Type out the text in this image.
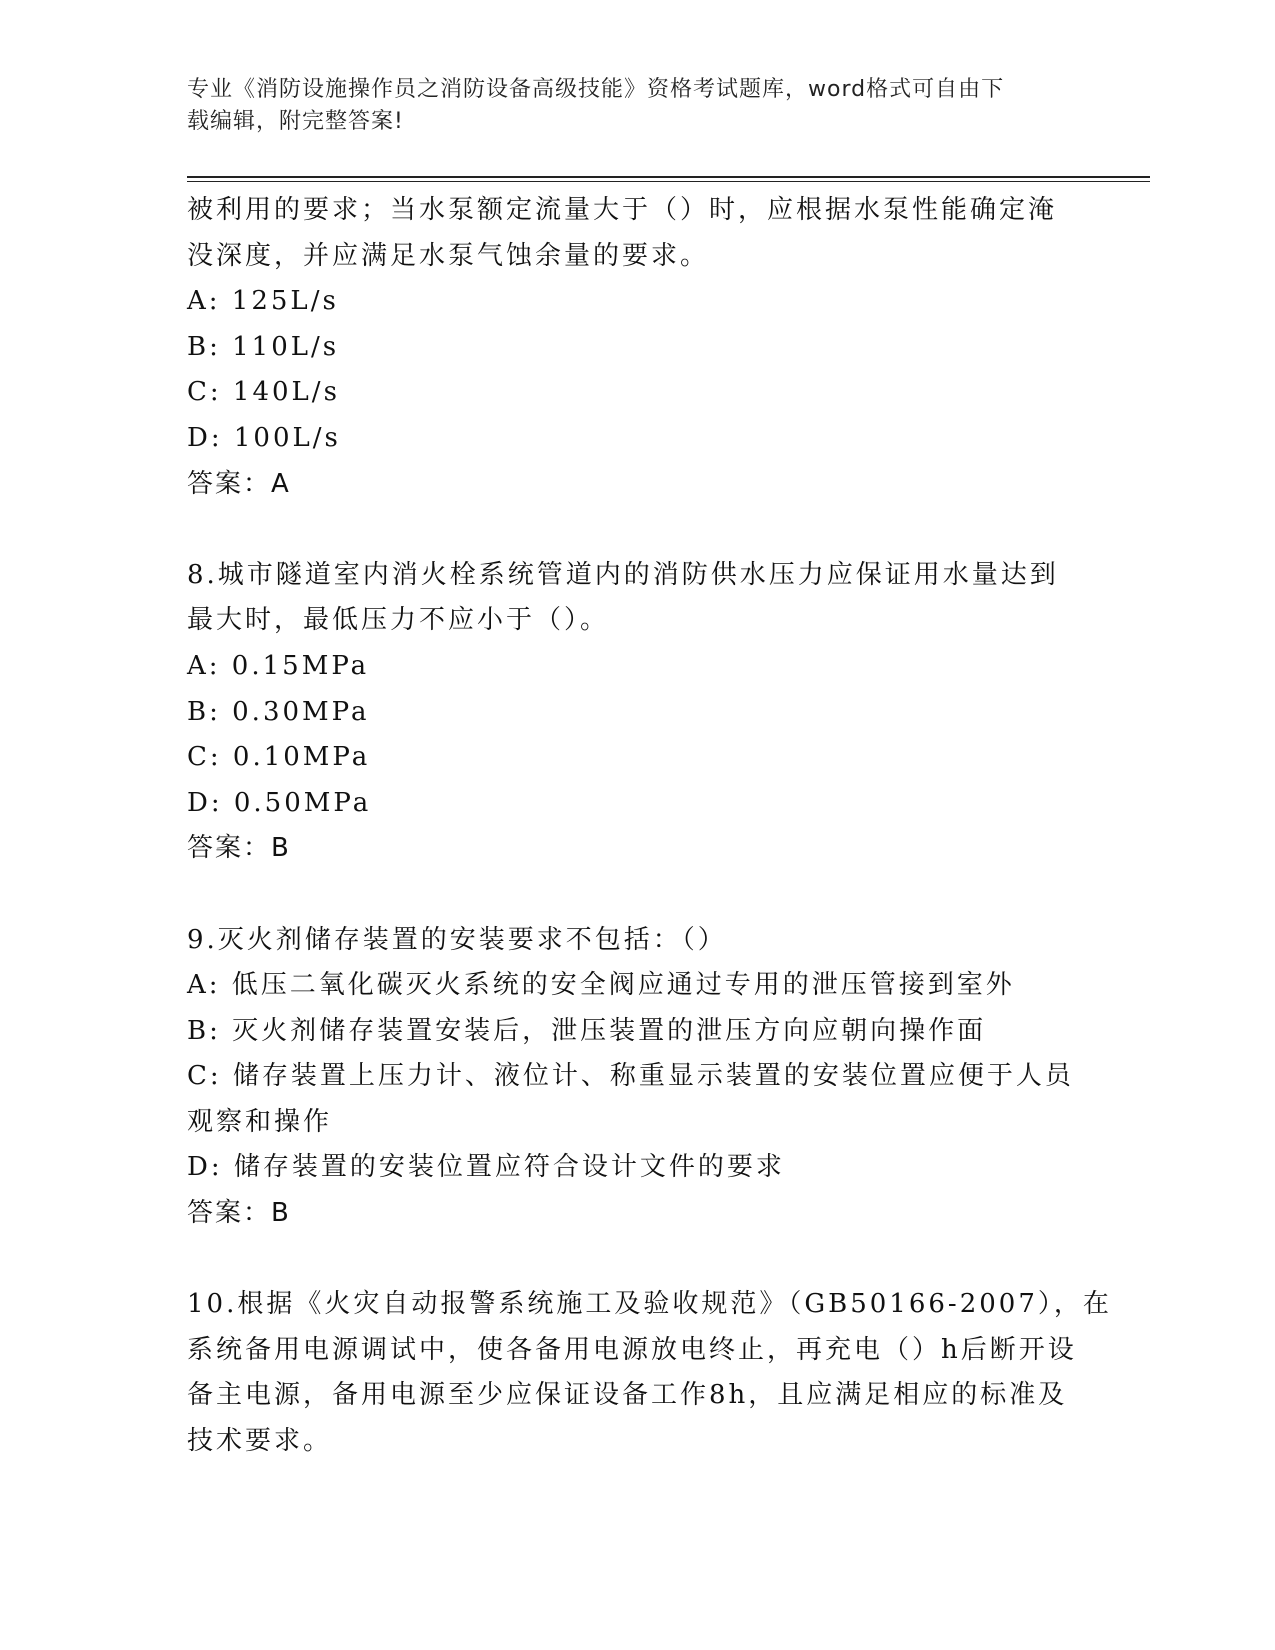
专业《消防设施操作员之消防设备高级技能》资格考试题库，word格式可自由下
载编辑，附完整答案!
被利用的要求；当水泵额定流量大于（）时，应根据水泵性能确定淹
没深度，并应满足水泵气蚀余量的要求。
A: 125L/s
B: 110L/s
C: 140L/s
D: 100L/s
答案：A
8.城市隧道室内消火栓系统管道内的消防供水压力应保证用水量达到
最大时，最低压力不应小于（）。
A: 0.15MPa
B: 0.30MPa
C: 0.10MPa
D: 0.50MPa
答案：B
9.灭火剂储存装置的安装要求不包括：（）
A: 低压二氧化碳灭火系统的安全阀应通过专用的泄压管接到室外
B: 灭火剂储存装置安装后，泄压装置的泄压方向应朝向操作面
C: 储存装置上压力计、液位计、称重显示装置的安装位置应便于人员
观察和操作
D: 储存装置的安装位置应符合设计文件的要求
答案：B
10.根据《火灾自动报警系统施工及验收规范》（GB50166-2007），在
系统备用电源调试中，使各备用电源放电终止，再充电（）h后断开设
备主电源，备用电源至少应保证设备工作8h，且应满足相应的标准及
技术要求。
